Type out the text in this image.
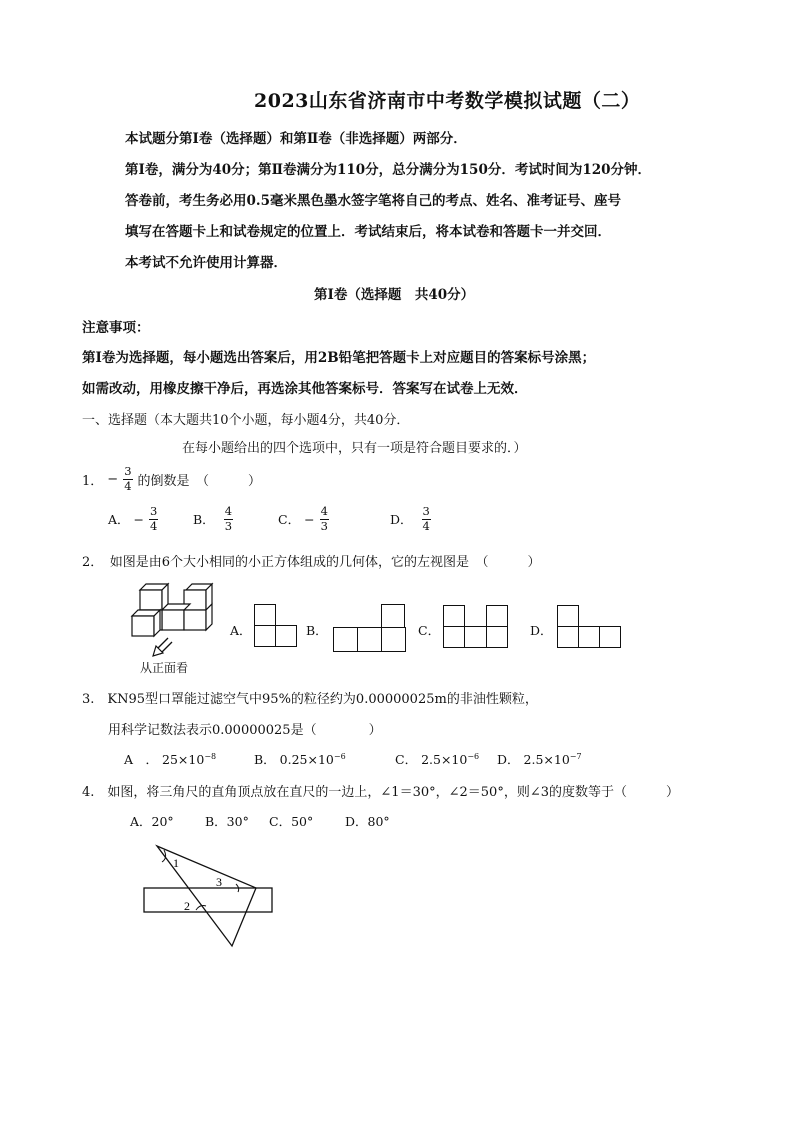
2023山东省济南市中考数学模拟试题（二）
本试题分第Ⅰ卷（选择题）和第Ⅱ卷（非选择题）两部分．
第Ⅰ卷，满分为40分；第Ⅱ卷满分为110分，总分满分为150分．考试时间为120分钟．
答卷前，考生务必用0.5毫米黑色墨水签字笔将自己的考点、姓名、准考证号、座号
填写在答题卡上和试卷规定的位置上．考试结束后，将本试卷和答题卡一并交回．
本考试不允许使用计算器．
第Ⅰ卷（选择题　共40分）
注意事项：
第Ⅰ卷为选择题，每小题选出答案后，用2B铅笔把答题卡上对应题目的答案标号涂黑；
如需改动，用橡皮擦干净后，再选涂其他答案标号．答案写在试卷上无效．
一、选择题（本大题共10个小题，每小题4分，共40分．
在每小题给出的四个选项中，只有一项是符合题目要求的．）
1． − $\frac{3}{4}$ 的倒数是　（　　　）
A． − $\frac{3}{4}$	B． $\frac{4}{3}$	C． − $\frac{4}{3}$	D． $\frac{3}{4}$
2．　如图是由6个大小相同的小正方体组成的几何体，它的左视图是　（　　　）
从正面看
A．	B．	C．	D．
3.　KN95型口罩能过滤空气中95%的粒径约为0.00000025m的非油性颗粒，
用科学记数法表示0.00000025是（　　　　）
A　． $25\times 10^{-8}$	B． $0.25\times 10^{-6}$	C． $2.5\times 10^{-6}$ D． $2.5\times 10^{-7}$
4.　如图，将三角尺的直角顶点放在直尺的一边上，∠1＝30°，∠2＝50°，则∠3的度数等于（　　　）
A．20°	B．30° C．50°	D．80°
1
2
3
